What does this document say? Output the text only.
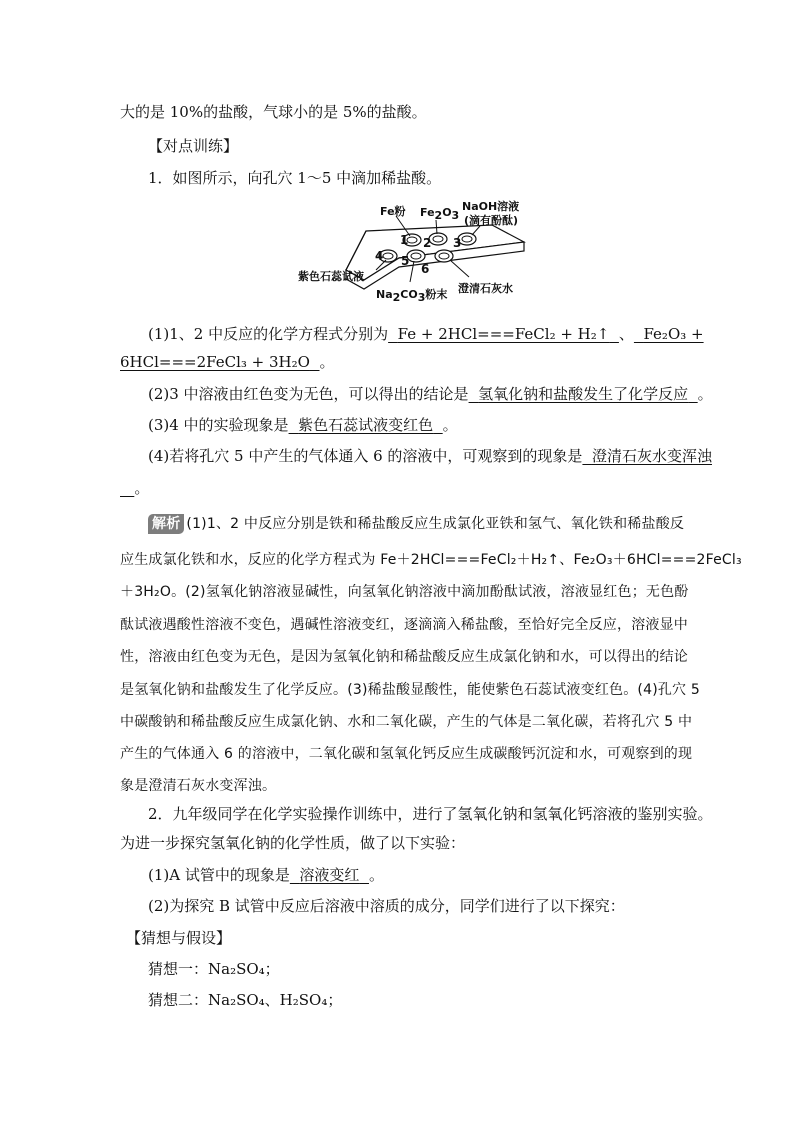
大的是 10%的盐酸，气球小的是 5%的盐酸。
【对点训练】
1．如图所示，向孔穴 1～5 中滴加稀盐酸。
1 2 3
4 5
6
Fe粉 Fe2O3
NaOH溶液
(滴有酚酞)
紫色石蕊试液
Na2CO3粉末 澄清石灰水
(1)1、2 中反应的化学方程式分别为 Fe + 2HCl===FeCl₂ + H₂↑ 、 Fe₂O₃ +
6HCl===2FeCl₃ + 3H₂O 。
(2)3 中溶液由红色变为无色，可以得出的结论是 氢氧化钠和盐酸发生了化学反应 。
(3)4 中的实验现象是 紫色石蕊试液变红色 。
(4)若将孔穴 5 中产生的气体通入 6 的溶液中，可观察到的现象是 澄清石灰水变浑浊
。
解析 (1)1、2 中反应分别是铁和稀盐酸反应生成氯化亚铁和氢气、氧化铁和稀盐酸反
应生成氯化铁和水，反应的化学方程式为 Fe＋2HCl===FeCl₂＋H₂↑、Fe₂O₃＋6HCl===2FeCl₃
＋3H₂O。(2)氢氧化钠溶液显碱性，向氢氧化钠溶液中滴加酚酞试液，溶液显红色；无色酚
酞试液遇酸性溶液不变色，遇碱性溶液变红，逐滴滴入稀盐酸，至恰好完全反应，溶液显中
性，溶液由红色变为无色，是因为氢氧化钠和稀盐酸反应生成氯化钠和水，可以得出的结论
是氢氧化钠和盐酸发生了化学反应。(3)稀盐酸显酸性，能使紫色石蕊试液变红色。(4)孔穴 5
中碳酸钠和稀盐酸反应生成氯化钠、水和二氧化碳，产生的气体是二氧化碳，若将孔穴 5 中
产生的气体通入 6 的溶液中，二氧化碳和氢氧化钙反应生成碳酸钙沉淀和水，可观察到的现
象是澄清石灰水变浑浊。
2．九年级同学在化学实验操作训练中，进行了氢氧化钠和氢氧化钙溶液的鉴别实验。
为进一步探究氢氧化钠的化学性质，做了以下实验：
(1)A 试管中的现象是 溶液变红 。
(2)为探究 B 试管中反应后溶液中溶质的成分，同学们进行了以下探究：
【猜想与假设】
猜想一：Na₂SO₄；
猜想二：Na₂SO₄、H₂SO₄；
